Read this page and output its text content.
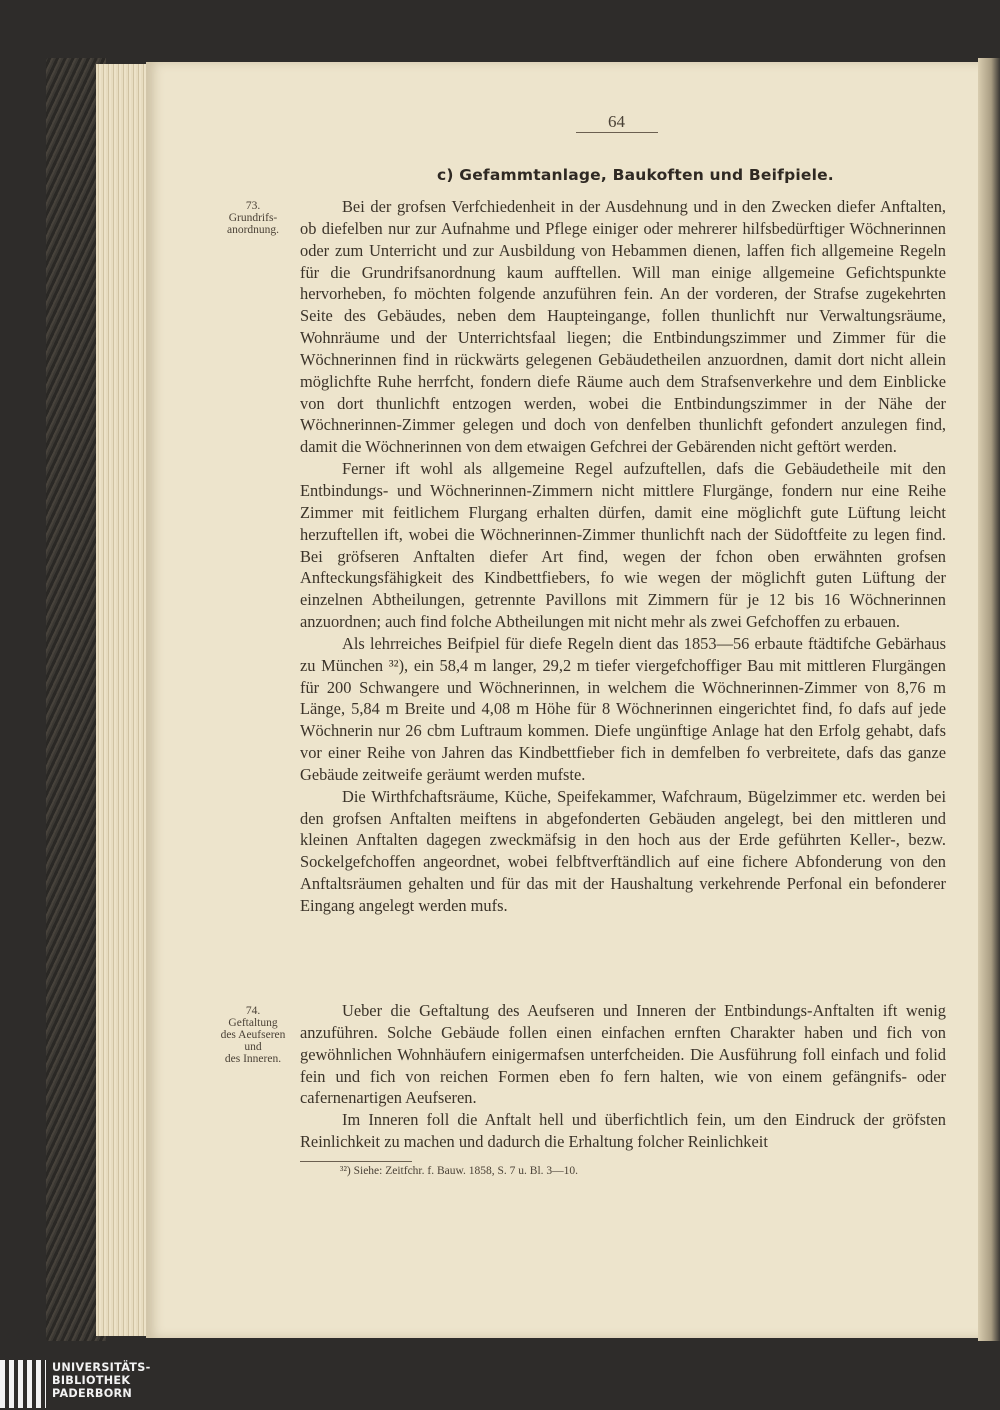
64
c) Gefammtanlage, Baukoften und Beifpiele.
73.
Grundrifs-
anordnung.
74.
Geftaltung
des Aeufseren
und
des Inneren.

Bei der grofsen Verfchiedenheit in der Ausdehnung und in den Zwecken diefer Anftalten, ob diefelben nur zur Aufnahme und Pflege einiger oder mehrerer hilfsbedürftiger Wöchnerinnen oder zum Unterricht und zur Ausbildung von Hebammen dienen, laffen fich allgemeine Regeln für die Grundrifsanordnung kaum aufftellen. Will man einige allgemeine Gefichtspunkte hervorheben, fo möchten folgende anzuführen fein. An der vorderen, der Strafse zugekehrten Seite des Gebäudes, neben dem Haupteingange, follen thunlichft nur Verwaltungsräume, Wohnräume und der Unterrichtsfaal liegen; die Entbindungszimmer und Zimmer für die Wöchnerinnen find in rückwärts gelegenen Gebäudetheilen anzuordnen, damit dort nicht allein möglichfte Ruhe herrfcht, fondern diefe Räume auch dem Strafsenverkehre und dem Einblicke von dort thunlichft entzogen werden, wobei die Entbindungszimmer in der Nähe der Wöchnerinnen-Zimmer gelegen und doch von denfelben thunlichft gefondert anzulegen find, damit die Wöchnerinnen von dem etwaigen Gefchrei der Gebärenden nicht geftört werden.

Ferner ift wohl als allgemeine Regel aufzuftellen, dafs die Gebäudetheile mit den Entbindungs- und Wöchnerinnen-Zimmern nicht mittlere Flurgänge, fondern nur eine Reihe Zimmer mit feitlichem Flurgang erhalten dürfen, damit eine möglichft gute Lüftung leicht herzuftellen ift, wobei die Wöchnerinnen-Zimmer thunlichft nach der Südoftfeite zu legen find. Bei gröfseren Anftalten diefer Art find, wegen der fchon oben erwähnten grofsen Anfteckungsfähigkeit des Kindbettfiebers, fo wie wegen der möglichft guten Lüftung der einzelnen Abtheilungen, getrennte Pavillons mit Zimmern für je 12 bis 16 Wöchnerinnen anzuordnen; auch find folche Abtheilungen mit nicht mehr als zwei Gefchoffen zu erbauen.

Als lehrreiches Beifpiel für diefe Regeln dient das 1853—56 erbaute ftädtifche Gebärhaus zu München ³²), ein 58,4 m langer, 29,2 m tiefer viergefchoffiger Bau mit mittleren Flurgängen für 200 Schwangere und Wöchnerinnen, in welchem die Wöchnerinnen-Zimmer von 8,76 m Länge, 5,84 m Breite und 4,08 m Höhe für 8 Wöchnerinnen eingerichtet find, fo dafs auf jede Wöchnerin nur 26 cbm Luftraum kommen. Diefe ungünftige Anlage hat den Erfolg gehabt, dafs vor einer Reihe von Jahren das Kindbettfieber fich in demfelben fo verbreitete, dafs das ganze Gebäude zeitweife geräumt werden mufste.

Die Wirthfchaftsräume, Küche, Speifekammer, Wafchraum, Bügelzimmer etc. werden bei den grofsen Anftalten meiftens in abgefonderten Gebäuden angelegt, bei den mittleren und kleinen Anftalten dagegen zweckmäfsig in den hoch aus der Erde geführten Keller-, bezw. Sockelgefchoffen angeordnet, wobei felbftverftändlich auf eine fichere Abfonderung von den Anftaltsräumen gehalten und für das mit der Haushaltung verkehrende Perfonal ein befonderer Eingang angelegt werden mufs.

Ueber die Geftaltung des Aeufseren und Inneren der Entbindungs-Anftalten ift wenig anzuführen. Solche Gebäude follen einen einfachen ernften Charakter haben und fich von gewöhnlichen Wohnhäufern einigermafsen unterfcheiden. Die Ausführung foll einfach und folid fein und fich von reichen Formen eben fo fern halten, wie von einem gefängnifs- oder cafernenartigen Aeufseren.

Im Inneren foll die Anftalt hell und überfichtlich fein, um den Eindruck der gröfsten Reinlichkeit zu machen und dadurch die Erhaltung folcher Reinlichkeit

³²) Siehe: Zeitfchr. f. Bauw. 1858, S. 7 u. Bl. 3—10.
UNIVERSITÄTS-
BIBLIOTHEK
PADERBORN
